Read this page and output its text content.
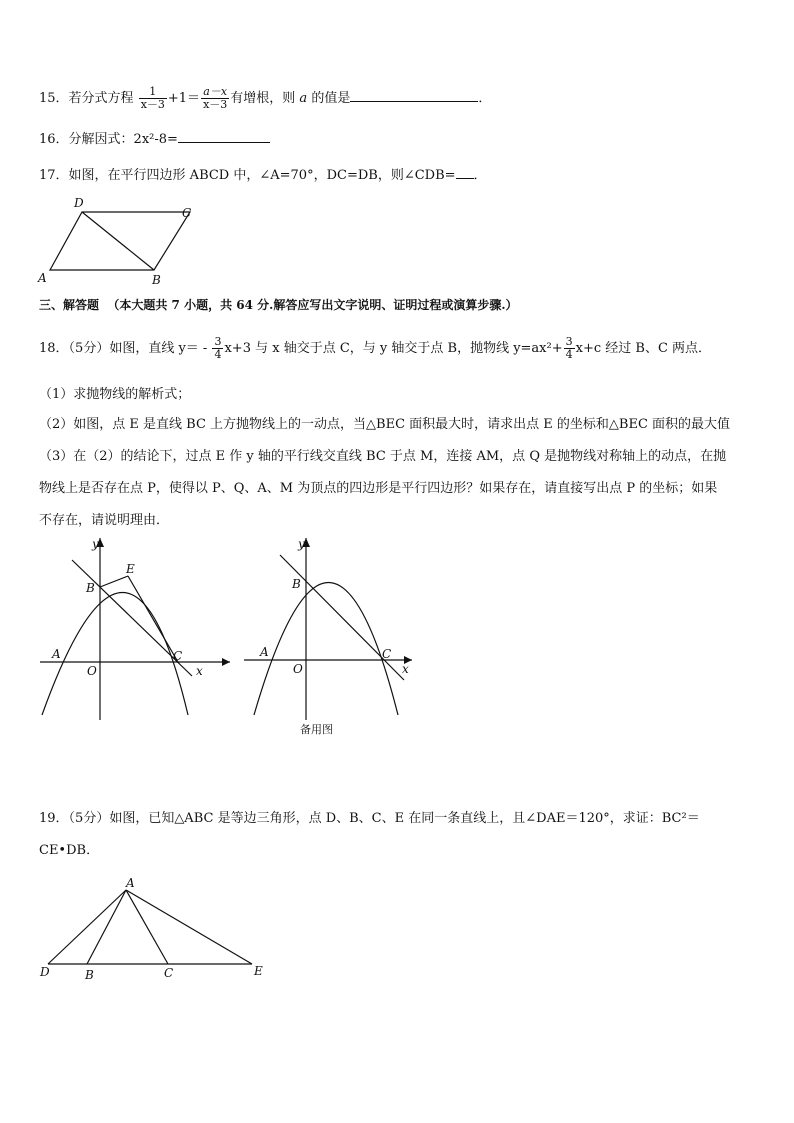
15．若分式方程 $\frac{1}{x-3} +1= \frac{a-x}{x-3}$ 有增根，则 a 的值是	．
16．分解因式：2x²-8=
17．如图，在平行四边形 ABCD 中，∠A=70°，DC=DB，则∠CDB= ．
D
C
A	B
三、解答题 （本大题共 7 小题，共 64 分.解答应写出文字说明、证明过程或演算步骤.）
18．（5分）如图，直线 $y= - \frac{3}{4} x+3$ 与 x 轴交于点 C，与 y 轴交于点 B，抛物线 $y=ax^2+ \frac{3}{4} x+c$ 经过 B、C 两点．
（1）求抛物线的解析式；
（2）如图，点 E 是直线 BC 上方抛物线上的一动点，当△BEC 面积最大时，请求出点 E 的坐标和△BEC 面积的最大值
（3）在（2）的结论下，过点 E 作 y 轴的平行线交直线 BC 于点 M，连接 AM，点 Q 是抛物线对称轴上的动点，在抛
物线上是否存在点 P，使得以 P、Q、A、M 为顶点的四边形是平行四边形？如果存在，请直接写出点 P 的坐标；如果
不存在，请说明理由．
y
E
B
A
O
C
x
y
B
A
O
C
x
备用图
19．（5分）如图，已知△ABC 是等边三角形，点 D、B、C、E 在同一条直线上，且∠DAE＝120°，求证：BC²＝
CE•DB．
A
D	B	C	E
